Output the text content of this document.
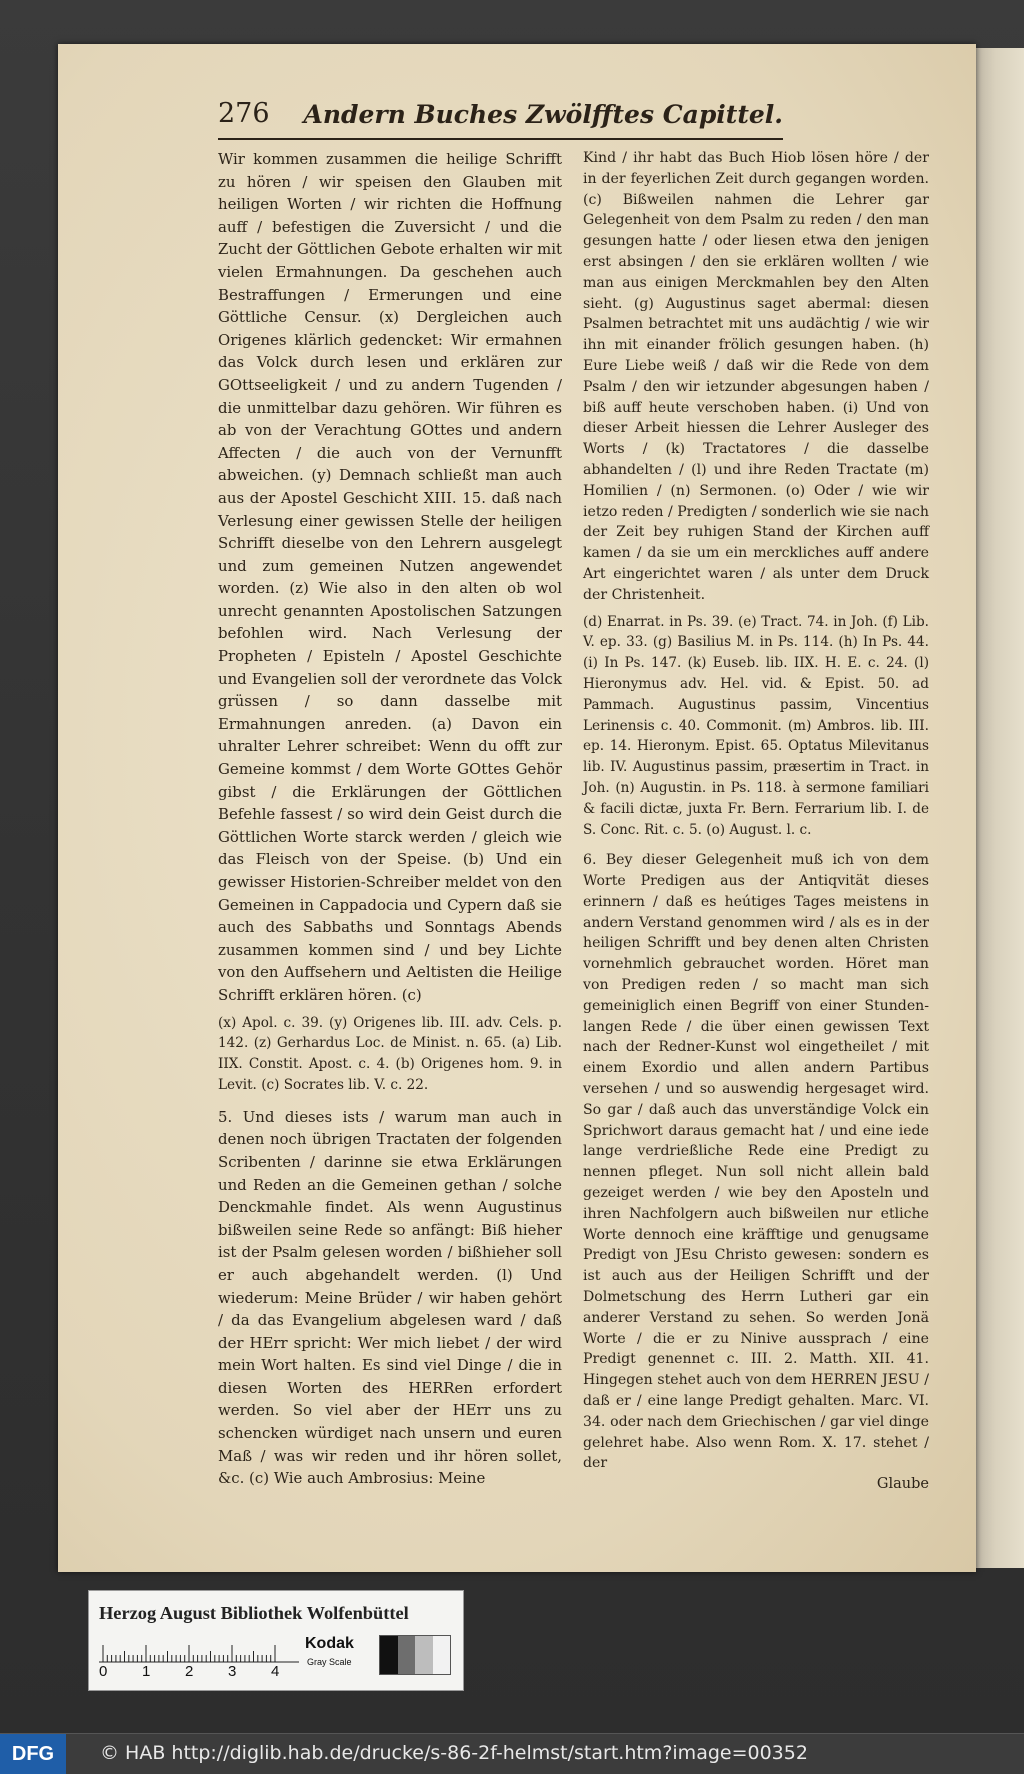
276 Andern Buches Zwölfftes Capittel.

Wir kommen zusammen die heilige Schrifft zu hören / wir speisen den Glauben mit heiligen Worten / wir richten die Hoffnung auff / befestigen die Zuversicht / und die Zucht der Göttlichen Gebote erhalten wir mit vielen Ermahnungen. Da geschehen auch Bestraffungen / Ermerungen und eine Göttliche Censur. (x) Dergleichen auch Origenes klärlich gedencket: Wir ermahnen das Volck durch lesen und erklären zur GOttseeligkeit / und zu andern Tugenden / die unmittelbar dazu gehören. Wir führen es ab von der Verachtung GOttes und andern Affecten / die auch von der Vernunfft abweichen. (y) Demnach schließt man auch aus der Apostel Geschicht XIII. 15. daß nach Verlesung einer gewissen Stelle der heiligen Schrifft dieselbe von den Lehrern ausgelegt und zum gemeinen Nutzen angewendet worden. (z) Wie also in den alten ob wol unrecht genannten Apostolischen Satzungen befohlen wird. Nach Verlesung der Propheten / Episteln / Apostel Geschichte und Evangelien soll der verordnete das Volck grüssen / so dann dasselbe mit Ermahnungen anreden. (a) Davon ein uhralter Lehrer schreibet: Wenn du offt zur Gemeine kommst / dem Worte GOttes Gehör gibst / die Erklärungen der Göttlichen Befehle fassest / so wird dein Geist durch die Göttlichen Worte starck werden / gleich wie das Fleisch von der Speise. (b) Und ein gewisser Historien-Schreiber meldet von den Gemeinen in Cappadocia und Cypern daß sie auch des Sabbaths und Sonntags Abends zusammen kommen sind / und bey Lichte von den Auffsehern und Aeltisten die Heilige Schrifft erklären hören. (c)

(x) Apol. c. 39. (y) Origenes lib. III. adv. Cels. p. 142. (z) Gerhardus Loc. de Minist. n. 65. (a) Lib. IIX. Constit. Apost. c. 4. (b) Origenes hom. 9. in Levit. (c) Socrates lib. V. c. 22.

5. Und dieses ists / warum man auch in denen noch übrigen Tractaten der folgenden Scribenten / darinne sie etwa Erklärungen und Reden an die Gemeinen gethan / solche Denckmahle findet. Als wenn Augustinus bißweilen seine Rede so anfängt: Biß hieher ist der Psalm gelesen worden / bißhieher soll er auch abgehandelt werden. (l) Und wiederum: Meine Brüder / wir haben gehört / da das Evangelium abgelesen ward / daß der HErr spricht: Wer mich liebet / der wird mein Wort halten. Es sind viel Dinge / die in diesen Worten des HERRen erfordert werden. So viel aber der HErr uns zu schencken würdiget nach unsern und euren Maß / was wir reden und ihr hören sollet, &c. (c) Wie auch Ambrosius: Meine

Kind / ihr habt das Buch Hiob lösen höre / der in der feyerlichen Zeit durch gegangen worden. (c) Bißweilen nahmen die Lehrer gar Gelegenheit von dem Psalm zu reden / den man gesungen hatte / oder liesen etwa den jenigen erst absingen / den sie erklären wollten / wie man aus einigen Merckmahlen bey den Alten sieht. (g) Augustinus saget abermal: diesen Psalmen betrachtet mit uns audächtig / wie wir ihn mit einander frölich gesungen haben. (h) Eure Liebe weiß / daß wir die Rede von dem Psalm / den wir ietzunder abgesungen haben / biß auff heute verschoben haben. (i) Und von dieser Arbeit hiessen die Lehrer Ausleger des Worts / (k) Tractatores / die dasselbe abhandelten / (l) und ihre Reden Tractate (m) Homilien / (n) Sermonen. (o) Oder / wie wir ietzo reden / Predigten / sonderlich wie sie nach der Zeit bey ruhigen Stand der Kirchen auff kamen / da sie um ein merckliches auff andere Art eingerichtet waren / als unter dem Druck der Christenheit.

(d) Enarrat. in Ps. 39. (e) Tract. 74. in Joh. (f) Lib. V. ep. 33. (g) Basilius M. in Ps. 114. (h) In Ps. 44. (i) In Ps. 147. (k) Euseb. lib. IIX. H. E. c. 24. (l) Hieronymus adv. Hel. vid. & Epist. 50. ad Pammach. Augustinus passim, Vincentius Lerinensis c. 40. Commonit. (m) Ambros. lib. III. ep. 14. Hieronym. Epist. 65. Optatus Milevitanus lib. IV. Augustinus passim, præsertim in Tract. in Joh. (n) Augustin. in Ps. 118. à sermone familiari & facili dictæ, juxta Fr. Bern. Ferrarium lib. I. de S. Conc. Rit. c. 5. (o) August. l. c.

6. Bey dieser Gelegenheit muß ich von dem Worte Predigen aus der Antiqvität dieses erinnern / daß es heútiges Tages meistens in andern Verstand genommen wird / als es in der heiligen Schrifft und bey denen alten Christen vornehmlich gebrauchet worden. Höret man von Predigen reden / so macht man sich gemeiniglich einen Begriff von einer Stunden-langen Rede / die über einen gewissen Text nach der Redner-Kunst wol eingetheilet / mit einem Exordio und allen andern Partibus versehen / und so auswendig hergesaget wird. So gar / daß auch das unverständige Volck ein Sprichwort daraus gemacht hat / und eine iede lange verdrießliche Rede eine Predigt zu nennen pfleget. Nun soll nicht allein bald gezeiget werden / wie bey den Aposteln und ihren Nachfolgern auch bißweilen nur etliche Worte dennoch eine kräfftige und genugsame Predigt von JEsu Christo gewesen: sondern es ist auch aus der Heiligen Schrifft und der Dolmetschung des Herrn Lutheri gar ein anderer Verstand zu sehen. So werden Jonä Worte / die er zu Ninive aussprach / eine Predigt genennet c. III. 2. Matth. XII. 41. Hingegen stehet auch von dem HERREN JESU / daß er / eine lange Predigt gehalten. Marc. VI. 34. oder nach dem Griechischen / gar viel dinge gelehret habe. Also wenn Rom. X. 17. stehet / der

Glaube
Herzog August Bibliothek Wolfenbüttel
0 1 2 3 4
Kodak
Gray Scale
DFG	© HAB http://diglib.hab.de/drucke/s-86-2f-helmst/start.htm?image=00352
